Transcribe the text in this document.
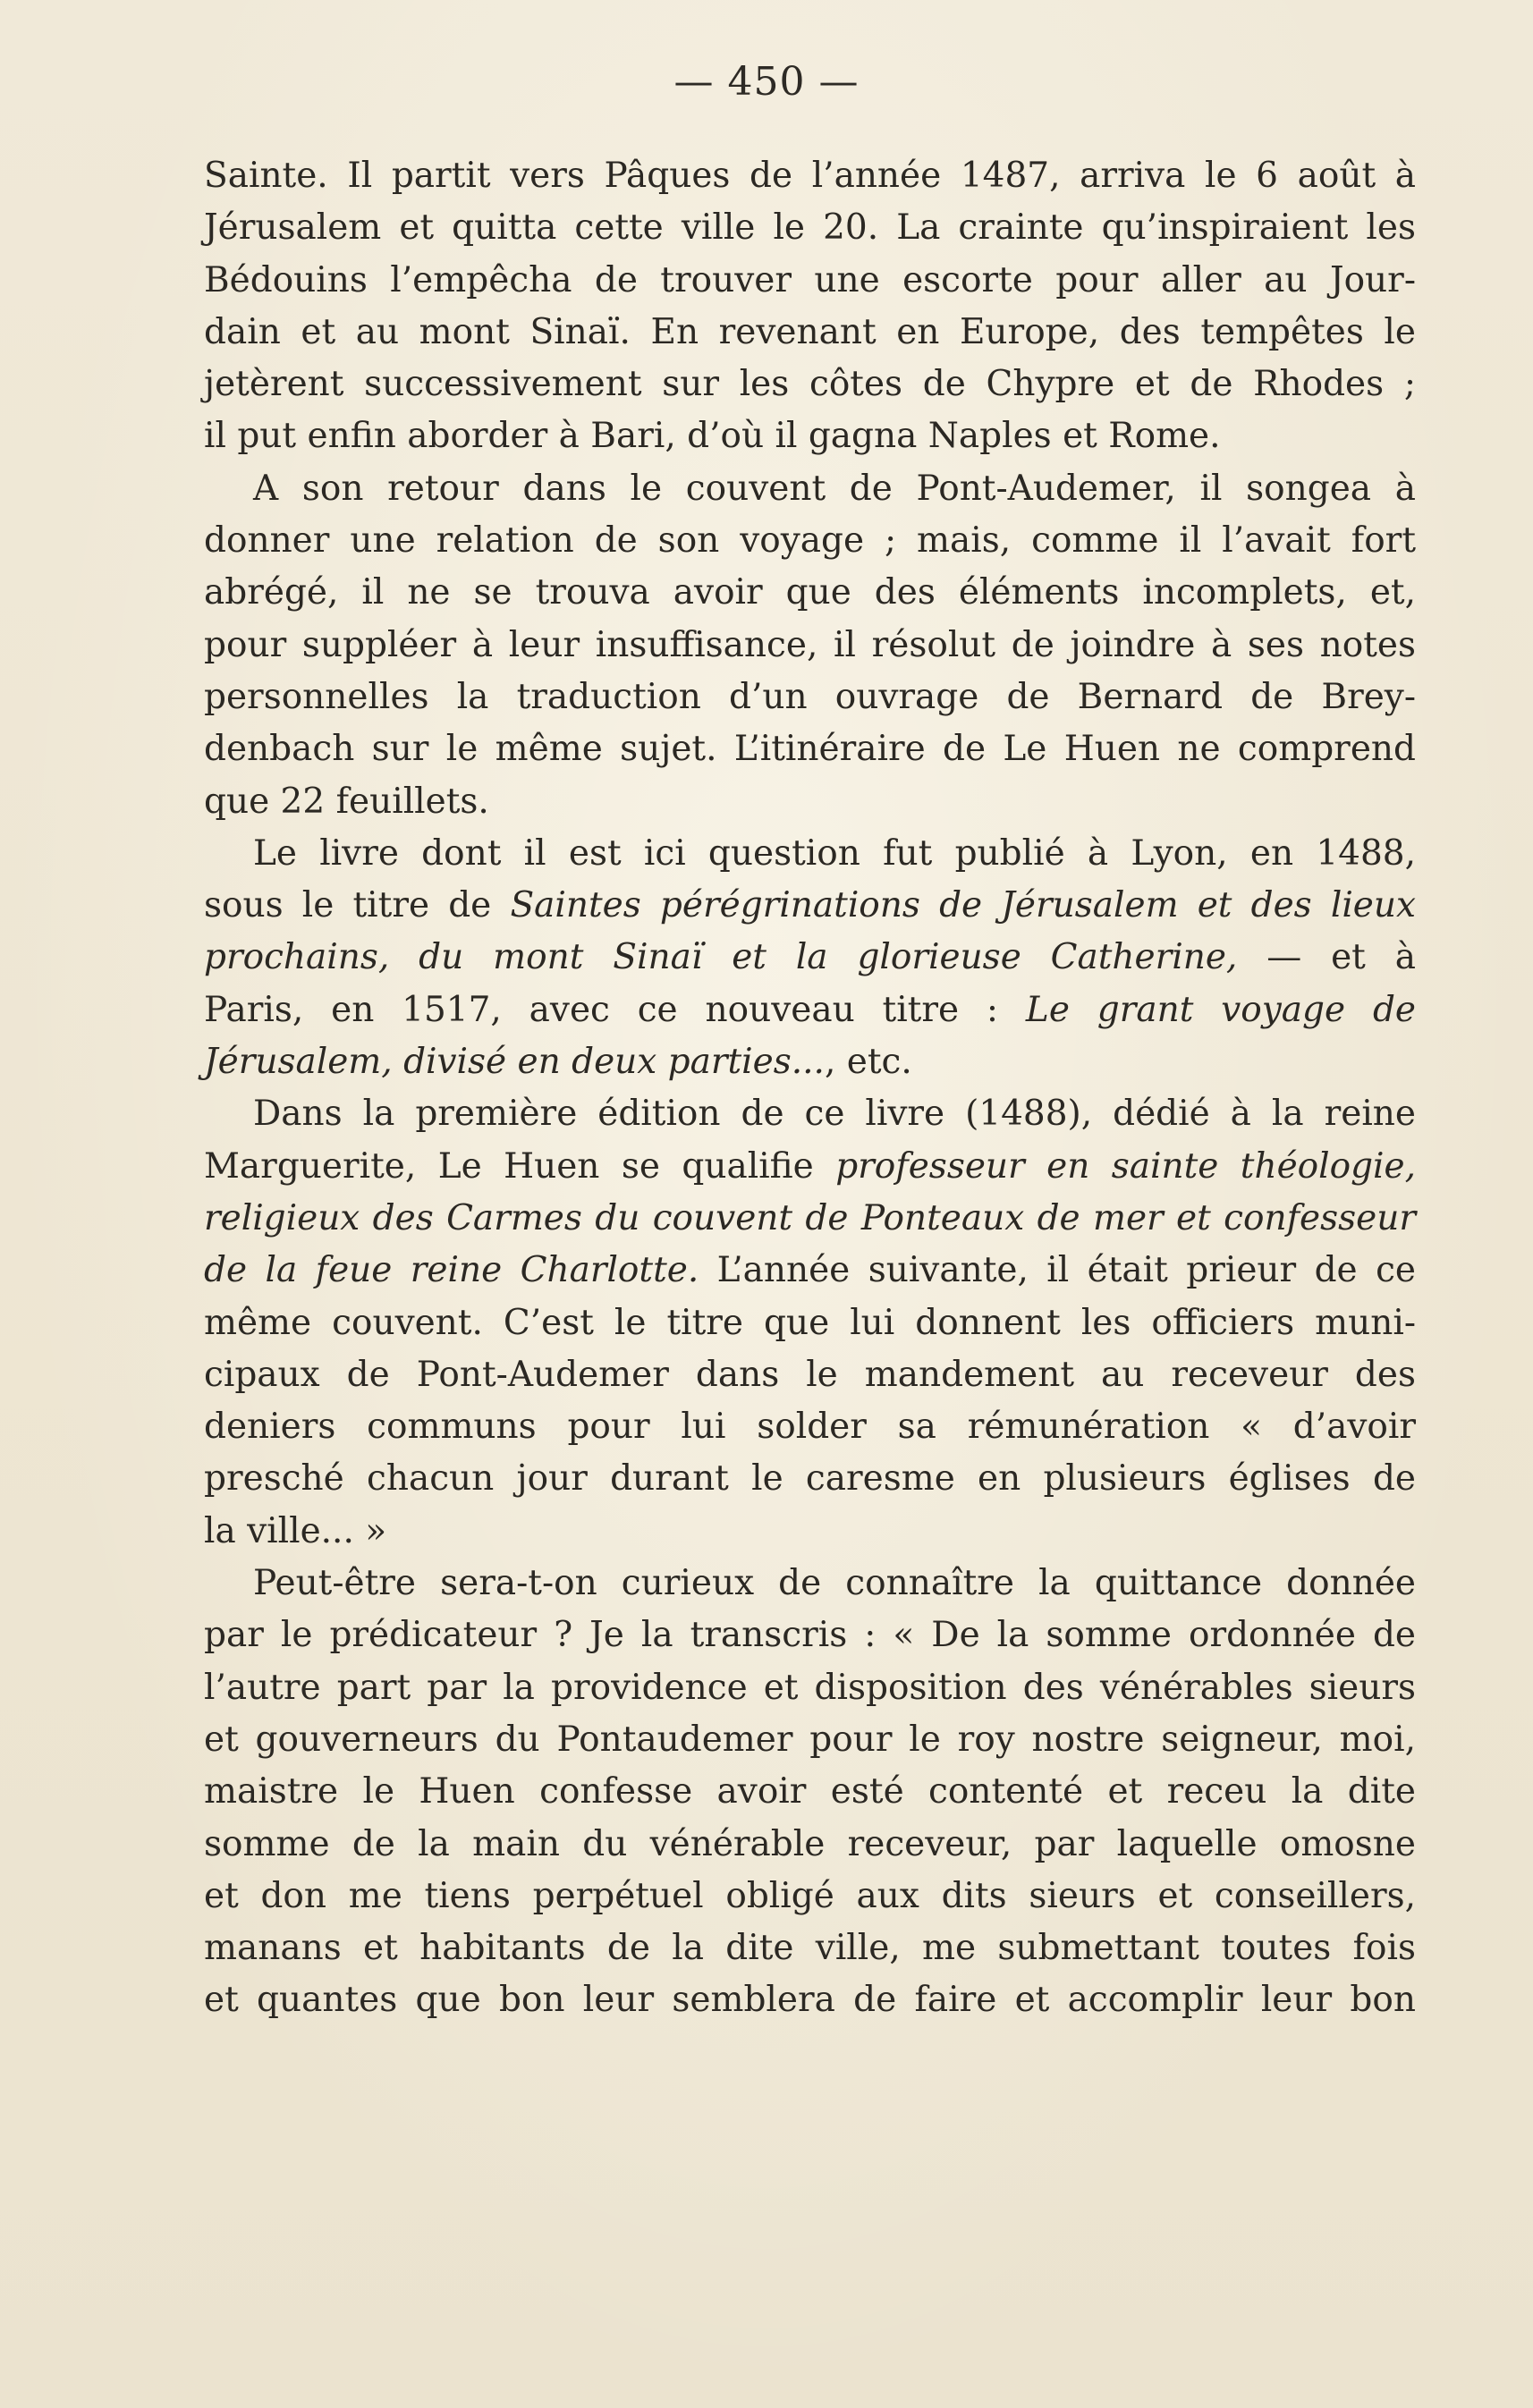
— 450 —
Sainte. Il partit vers Pâques de l’année 1487, arriva le 6 août à
Jérusalem et quitta cette ville le 20. La crainte qu’inspiraient les
Bédouins l’empêcha de trouver une escorte pour aller au Jour-
dain et au mont Sinaï. En revenant en Europe, des tempêtes le
jetèrent successivement sur les côtes de Chypre et de Rhodes ;
il put enfin aborder à Bari, d’où il gagna Naples et Rome.
A son retour dans le couvent de Pont-Audemer, il songea à
donner une relation de son voyage ; mais, comme il l’avait fort
abrégé, il ne se trouva avoir que des éléments incomplets, et,
pour suppléer à leur insuffisance, il résolut de joindre à ses notes
personnelles la traduction d’un ouvrage de Bernard de Brey-
denbach sur le même sujet. L’itinéraire de Le Huen ne comprend
que 22 feuillets.
Le livre dont il est ici question fut publié à Lyon, en 1488,
sous le titre de Saintes pérégrinations de Jérusalem et des lieux
prochains, du mont Sinaï et la glorieuse Catherine, — et à
Paris, en 1517, avec ce nouveau titre : Le grant voyage de
Jérusalem, divisé en deux parties..., etc.
Dans la première édition de ce livre (1488), dédié à la reine
Marguerite, Le Huen se qualifie professeur en sainte théologie,
religieux des Carmes du couvent de Ponteaux de mer et confesseur
de la feue reine Charlotte. L’année suivante, il était prieur de ce
même couvent. C’est le titre que lui donnent les officiers muni-
cipaux de Pont-Audemer dans le mandement au receveur des
deniers communs pour lui solder sa rémunération « d’avoir
presché chacun jour durant le caresme en plusieurs églises de
la ville... »
Peut-être sera-t-on curieux de connaître la quittance donnée
par le prédicateur ? Je la transcris : « De la somme ordonnée de
l’autre part par la providence et disposition des vénérables sieurs
et gouverneurs du Pontaudemer pour le roy nostre seigneur, moi,
maistre le Huen confesse avoir esté contenté et receu la dite
somme de la main du vénérable receveur, par laquelle omosne
et don me tiens perpétuel obligé aux dits sieurs et conseillers,
manans et habitants de la dite ville, me submettant toutes fois
et quantes que bon leur semblera de faire et accomplir leur bon
